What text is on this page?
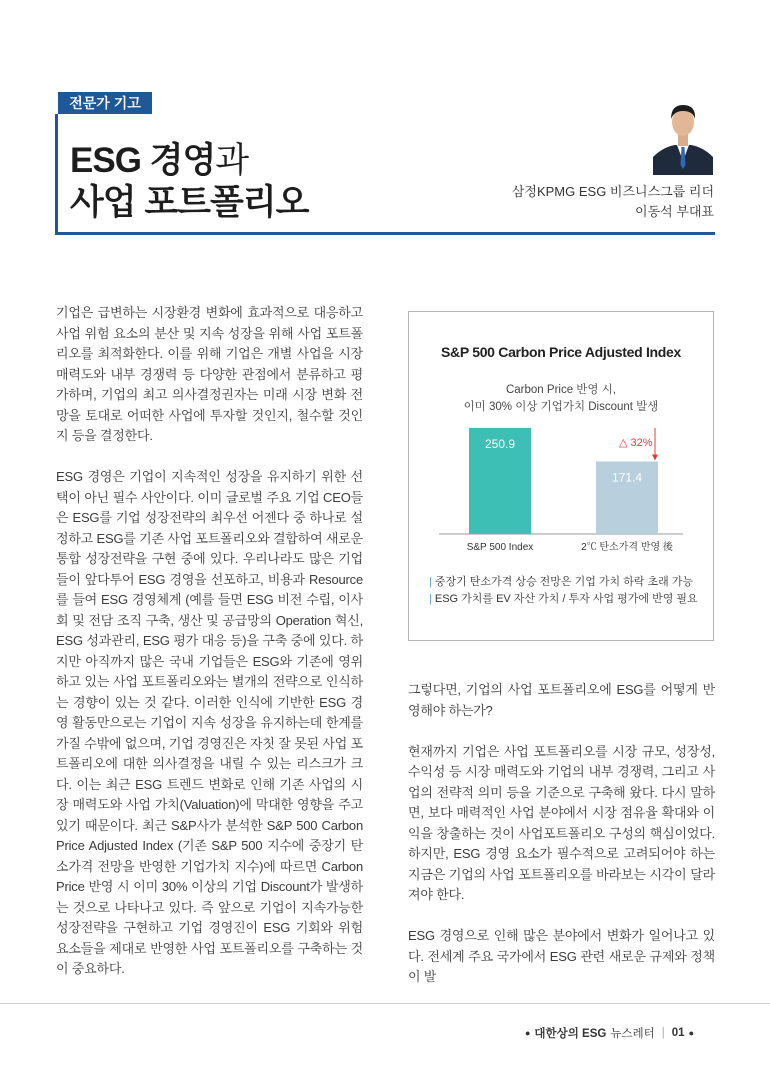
전문가 기고
ESG 경영과
사업 포트폴리오	삼정KPMG ESG 비즈니스그룹 리더
이동석 부대표

기업은 급변하는 시장환경 변화에 효과적으로 대응하고 사업 위험 요소의 분산 및 지속 성장을 위해 사업 포트폴리오를 최적화한다. 이를 위해 기업은 개별 사업을 시장 매력도와 내부 경쟁력 등 다양한 관점에서 분류하고 평가하며, 기업의 최고 의사결정권자는 미래 시장 변화 전망을 토대로 어떠한 사업에 투자할 것인지, 철수할 것인지 등을 결정한다.

ESG 경영은 기업이 지속적인 성장을 유지하기 위한 선택이 아닌 필수 사안이다. 이미 글로벌 주요 기업 CEO들은 ESG를 기업 성장전략의 최우선 어젠다 중 하나로 설정하고 ESG를 기존 사업 포트폴리오와 결합하여 새로운 통합 성장전략을 구현 중에 있다. 우리나라도 많은 기업들이 앞다투어 ESG 경영을 선포하고, 비용과 Resource를 들여 ESG 경영체계 (예를 들면 ESG 비전 수립, 이사회 및 전담 조직 구축, 생산 및 공급망의 Operation 혁신, ESG 성과관리, ESG 평가 대응 등)을 구축 중에 있다. 하지만 아직까지 많은 국내 기업들은 ESG와 기존에 영위하고 있는 사업 포트폴리오와는 별개의 전략으로 인식하는 경향이 있는 것 같다. 이러한 인식에 기반한 ESG 경영 활동만으로는 기업이 지속 성장을 유지하는데 한계를 가질 수밖에 없으며, 기업 경영진은 자칫 잘 못된 사업 포트폴리오에 대한 의사결정을 내릴 수 있는 리스크가 크다. 이는 최근 ESG 트렌드 변화로 인해 기존 사업의 시장 매력도와 사업 가치(Valuation)에 막대한 영향을 주고 있기 때문이다. 최근 S&P사가 분석한 S&P 500 Carbon Price Adjusted Index (기존 S&P 500 지수에 중장기 탄소가격 전망을 반영한 기업가치 지수)에 따르면 Carbon Price 반영 시 이미 30% 이상의 기업 Discount가 발생하는 것으로 나타나고 있다. 즉 앞으로 기업이 지속가능한 성장전략을 구현하고 기업 경영진이 ESG 기회와 위험 요소들을 제대로 반영한 사업 포트폴리오를 구축하는 것이 중요하다.

S&P 500 Carbon Price Adjusted Index
Carbon Price 반영 시,
이미 30% 이상 기업가치 Discount 발생
250.9
S&P 500 Index
171.4
2℃ 탄소가격 반영 後
△ 32%
| 중장기 탄소가격 상승 전망은 기업 가치 하락 초래 가능
| ESG 가치를 EV 자산 가치 / 투자 사업 평가에 반영 필요

그렇다면, 기업의 사업 포트폴리오에 ESG를 어떻게 반영해야 하는가?

현재까지 기업은 사업 포트폴리오를 시장 규모, 성장성, 수익성 등 시장 매력도와 기업의 내부 경쟁력, 그리고 사업의 전략적 의미 등을 기준으로 구축해 왔다. 다시 말하면, 보다 매력적인 사업 분야에서 시장 점유율 확대와 이익을 창출하는 것이 사업포트폴리오 구성의 핵심이었다. 하지만, ESG 경영 요소가 필수적으로 고려되어야 하는 지금은 기업의 사업 포트폴리오를 바라보는 시각이 달라져야 한다.

ESG 경영으로 인해 많은 분야에서 변화가 일어나고 있다. 전세계 주요 국가에서 ESG 관련 새로운 규제와 정책이 발

● 대한상의 ESG 뉴스레터 | 01 ●
